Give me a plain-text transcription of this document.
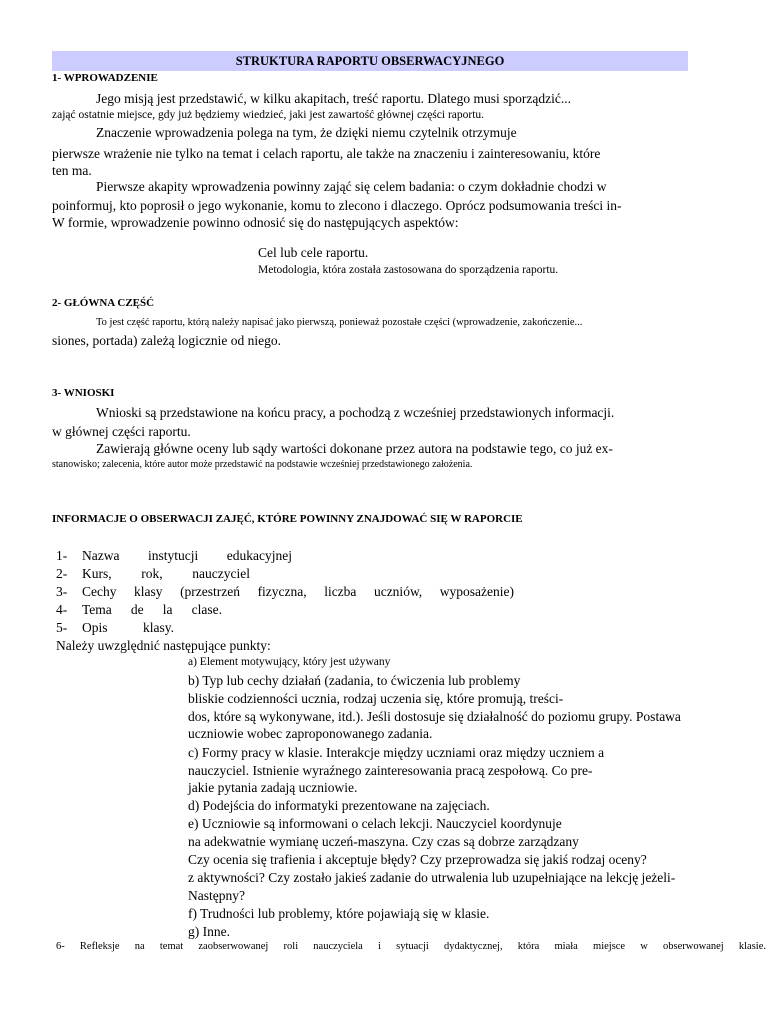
STRUKTURA RAPORTU OBSERWACYJNEGO
1- WPROWADZENIE
Jego misją jest przedstawić, w kilku akapitach, treść raportu. Dlatego musi sporządzić...
zająć ostatnie miejsce, gdy już będziemy wiedzieć, jaki jest zawartość głównej części raportu.
Znaczenie wprowadzenia polega na tym, że dzięki niemu czytelnik otrzymuje
pierwsze wrażenie nie tylko na temat i celach raportu, ale także na znaczeniu i zainteresowaniu, które
ten ma.
Pierwsze akapity wprowadzenia powinny zająć się celem badania: o czym dokładnie chodzi w
poinformuj, kto poprosił o jego wykonanie, komu to zlecono i dlaczego. Oprócz podsumowania treści in-
W formie, wprowadzenie powinno odnosić się do następujących aspektów:
Cel lub cele raportu.
Metodologia, która została zastosowana do sporządzenia raportu.
2- GŁÓWNA CZĘŚĆ
To jest część raportu, którą należy napisać jako pierwszą, ponieważ pozostałe części (wprowadzenie, zakończenie...
siones, portada) zależą logicznie od niego.
3- WNIOSKI
Wnioski są przedstawione na końcu pracy, a pochodzą z wcześniej przedstawionych informacji.
w głównej części raportu.
Zawierają główne oceny lub sądy wartości dokonane przez autora na podstawie tego, co już ex-
stanowisko; zalecenia, które autor może przedstawić na podstawie wcześniej przedstawionego założenia.
INFORMACJE O OBSERWACJI ZAJĘĆ, KTÓRE POWINNY ZNAJDOWAĆ SIĘ W RAPORCIE
1-	Nazwa instytucji edukacyjnej
2-	Kurs, rok, nauczyciel
3-	Cechy klasy (przestrzeń fizyczna, liczba uczniów, wyposażenie)
4-	Tema de la clase.
5-	Opis	klasy.
Należy uwzględnić następujące punkty:
a) Element motywujący, który jest używany
b) Typ lub cechy działań (zadania, to ćwiczenia lub problemy
bliskie codzienności ucznia, rodzaj uczenia się, które promują, treści-
dos, które są wykonywane, itd.). Jeśli dostosuje się działalność do poziomu grupy. Postawa
uczniowie wobec zaproponowanego zadania.
c) Formy pracy w klasie. Interakcje między uczniami oraz między uczniem a
nauczyciel. Istnienie wyraźnego zainteresowania pracą zespołową. Co pre-
jakie pytania zadają uczniowie.
d) Podejścia do informatyki prezentowane na zajęciach.
e) Uczniowie są informowani o celach lekcji. Nauczyciel koordynuje
na adekwatnie wymianę uczeń-maszyna. Czy czas są dobrze zarządzany
Czy ocenia się trafienia i akceptuje błędy? Czy przeprowadza się jakiś rodzaj oceny?
z aktywności? Czy zostało jakieś zadanie do utrwalenia lub uzupełniające na lekcję jeżeli-
Następny?
f) Trudności lub problemy, które pojawiają się w klasie.
g) Inne.
6- Refleksje na temat zaobserwowanej roli nauczyciela i sytuacji dydaktycznej, która miała miejsce w obserwowanej klasie.
